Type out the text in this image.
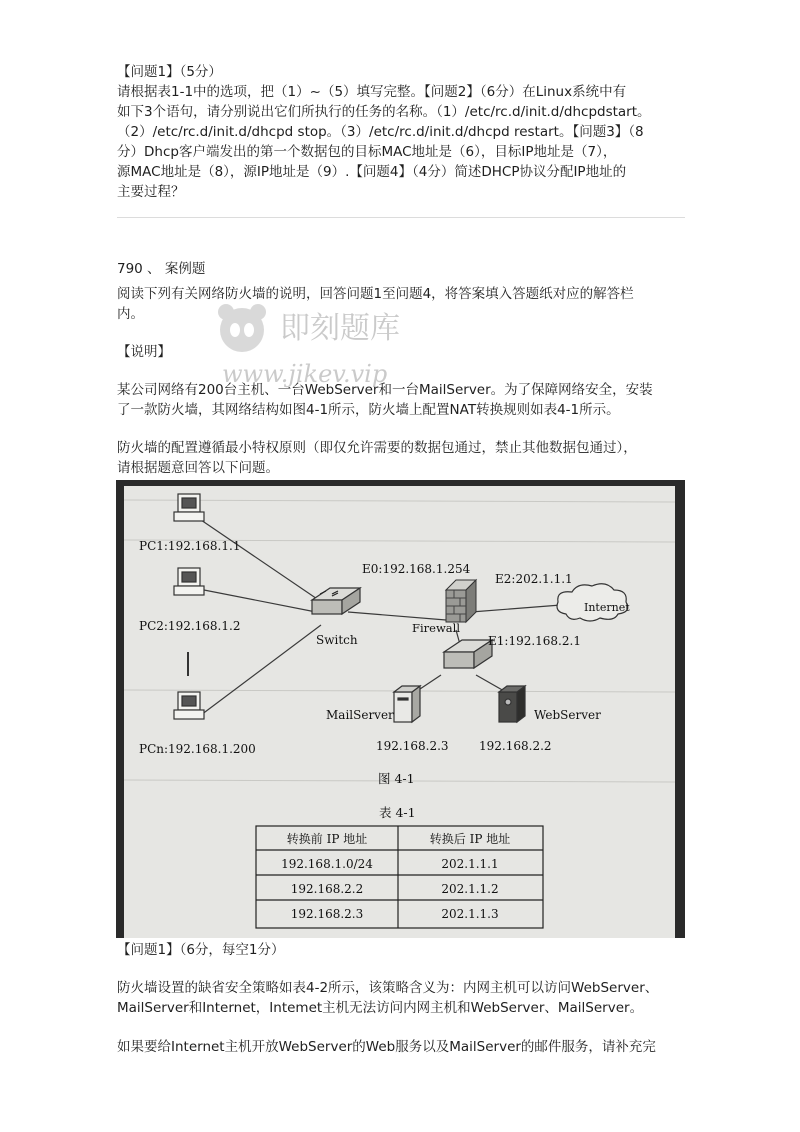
【问题1】（5分）

请根据表1-1中的选项，把（1）~（5）填写完整。【问题2】（6分）在Linux系统中有

如下3个语句，请分别说出它们所执行的任务的名称。（1）/etc/rc.d/init.d/dhcpdstart。

（2）/etc/rc.d/init.d/dhcpd stop。（3）/etc/rc.d/init.d/dhcpd restart。【问题3】（8

分）Dhcp客户端发出的第一个数据包的目标MAC地址是（6），目标IP地址是（7），

源MAC地址是（8），源IP地址是（9）.【问题4】（4分）简述DHCP协议分配IP地址的

主要过程？

790 、 案例题

阅读下列有关网络防火墙的说明，回答问题1至问题4，将答案填入答题纸对应的解答栏

内。

【说明】

某公司网络有200台主机、一台WebServer和一台MailServer。为了保障网络安全，安装

了一款防火墙，其网络结构如图4-1所示，防火墙上配置NAT转换规则如表4-1所示。

防火墙的配置遵循最小特权原则（即仅允许需要的数据包通过，禁止其他数据包通过），

请根据题意回答以下问题。

PC1:192.168.1.1
PC2:192.168.1.2
PCn:192.168.1.200
Switch
Firewall
E0:192.168.1.254
E2:202.1.1.1
E1:192.168.2.1
Internet
MailServer	WebServer
192.168.2.3	192.168.2.2
图 4-1
表 4-1
转换前 IP 地址	转换后 IP 地址
192.168.1.0/24	202.1.1.1
192.168.2.2	202.1.1.2
192.168.2.3	202.1.1.3

【问题1】（6分，每空1分）

防火墙设置的缺省安全策略如表4-2所示，该策略含义为：内网主机可以访问WebServer、

MailServer和Internet，Intemet主机无法访问内网主机和WebServer、MailServer。

如果要给Internet主机开放WebServer的Web服务以及MailServer的邮件服务，请补充完

即刻题库
www.jikev.vip
